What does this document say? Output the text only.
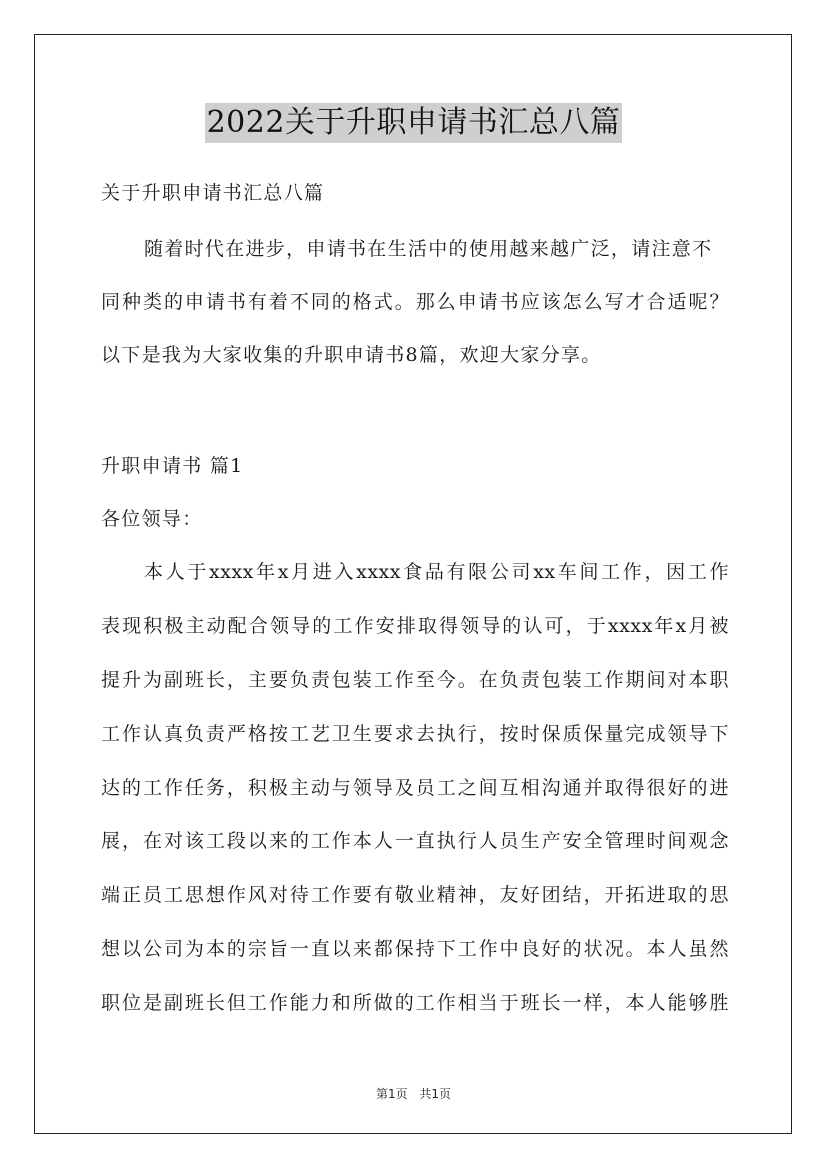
2022关于升职申请书汇总八篇
关于升职申请书汇总八篇
随着时代在进步，申请书在生活中的使用越来越广泛，请注意不
同种类的申请书有着不同的格式。那么申请书应该怎么写才合适呢？
以下是我为大家收集的升职申请书8篇，欢迎大家分享。
升职申请书 篇1
各位领导：
本人于xxxx年x月进入xxxx食品有限公司xx车间工作，因工作
表现积极主动配合领导的工作安排取得领导的认可，于xxxx年x月被
提升为副班长，主要负责包装工作至今。在负责包装工作期间对本职
工作认真负责严格按工艺卫生要求去执行，按时保质保量完成领导下
达的工作任务，积极主动与领导及员工之间互相沟通并取得很好的进
展，在对该工段以来的工作本人一直执行人员生产安全管理时间观念
端正员工思想作风对待工作要有敬业精神，友好团结，开拓进取的思
想以公司为本的宗旨一直以来都保持下工作中良好的状况。本人虽然
职位是副班长但工作能力和所做的工作相当于班长一样，本人能够胜
第1页 共1页
